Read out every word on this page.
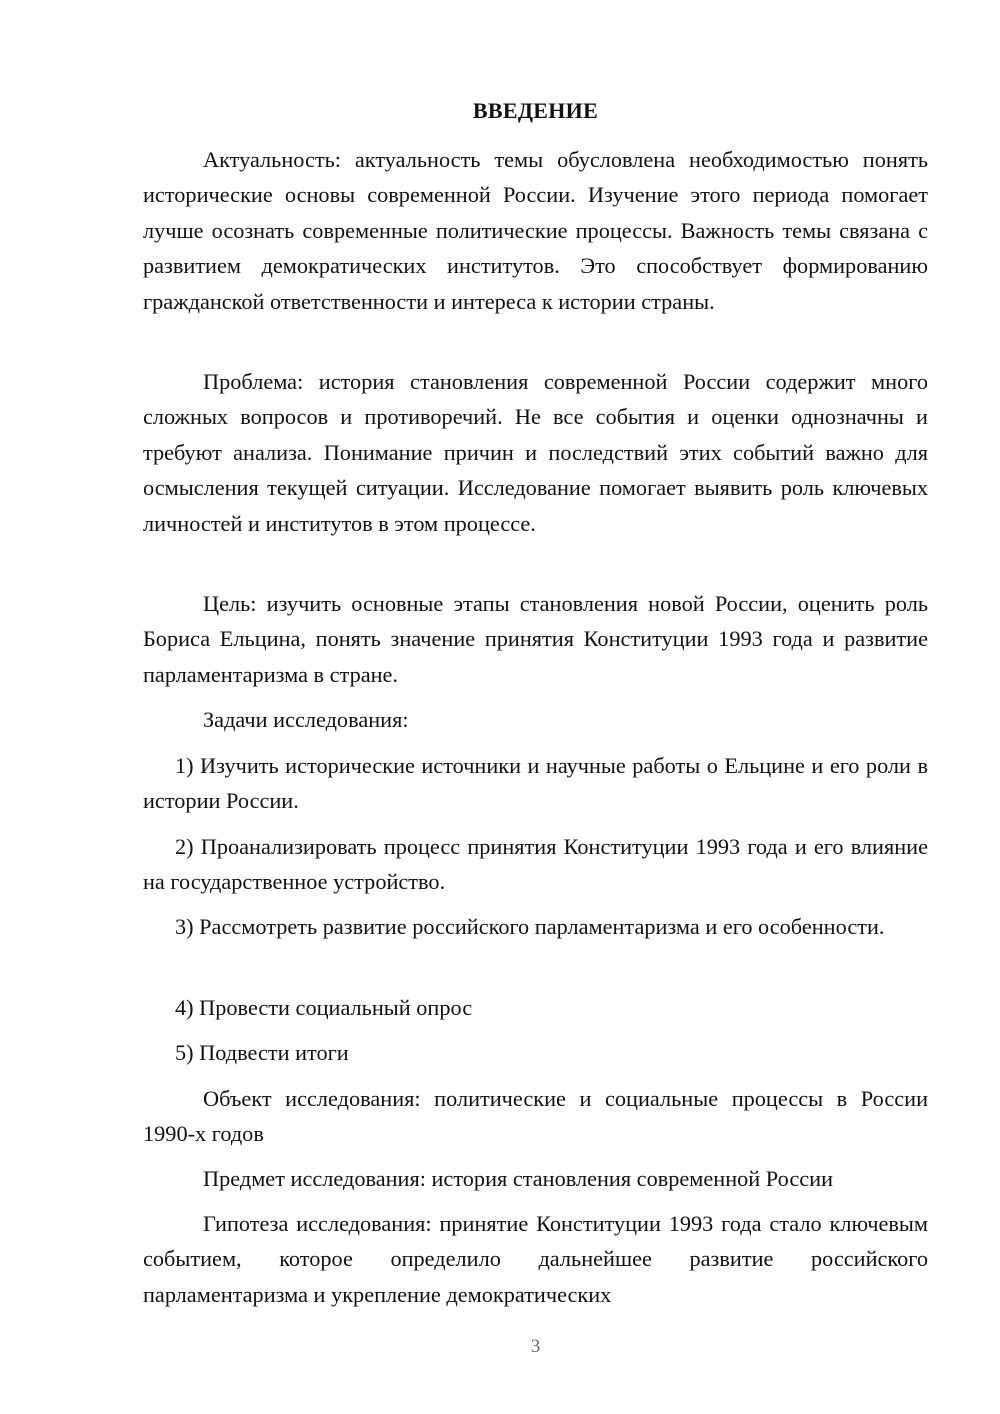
ВВЕДЕНИЕ

Актуальность: актуальность темы обусловлена необходимостью понять исторические основы современной России. Изучение этого периода помогает лучше осознать современные политические процессы. Важность темы связана с развитием демократических институтов. Это способствует формированию гражданской ответственности и интереса к истории страны.

Проблема: история становления современной России содержит много сложных вопросов и противоречий. Не все события и оценки однозначны и требуют анализа. Понимание причин и последствий этих событий важно для осмысления текущей ситуации. Исследование помогает выявить роль ключевых личностей и институтов в этом процессе.

Цель: изучить основные этапы становления новой России, оценить роль Бориса Ельцина, понять значение принятия Конституции 1993 года и развитие парламентаризма в стране.

Задачи исследования:

1) Изучить исторические источники и научные работы о Ельцине и его роли в истории России.

2) Проанализировать процесс принятия Конституции 1993 года и его влияние на государственное устройство.

3) Рассмотреть развитие российского парламентаризма и его особенности.

4) Провести социальный опрос

5) Подвести итоги

Объект исследования: политические и социальные процессы в России 1990-х годов

Предмет исследования: история становления современной России

Гипотеза исследования: принятие Конституции 1993 года стало ключевым событием, которое определило дальнейшее развитие российского парламентаризма и укрепление демократических

3
